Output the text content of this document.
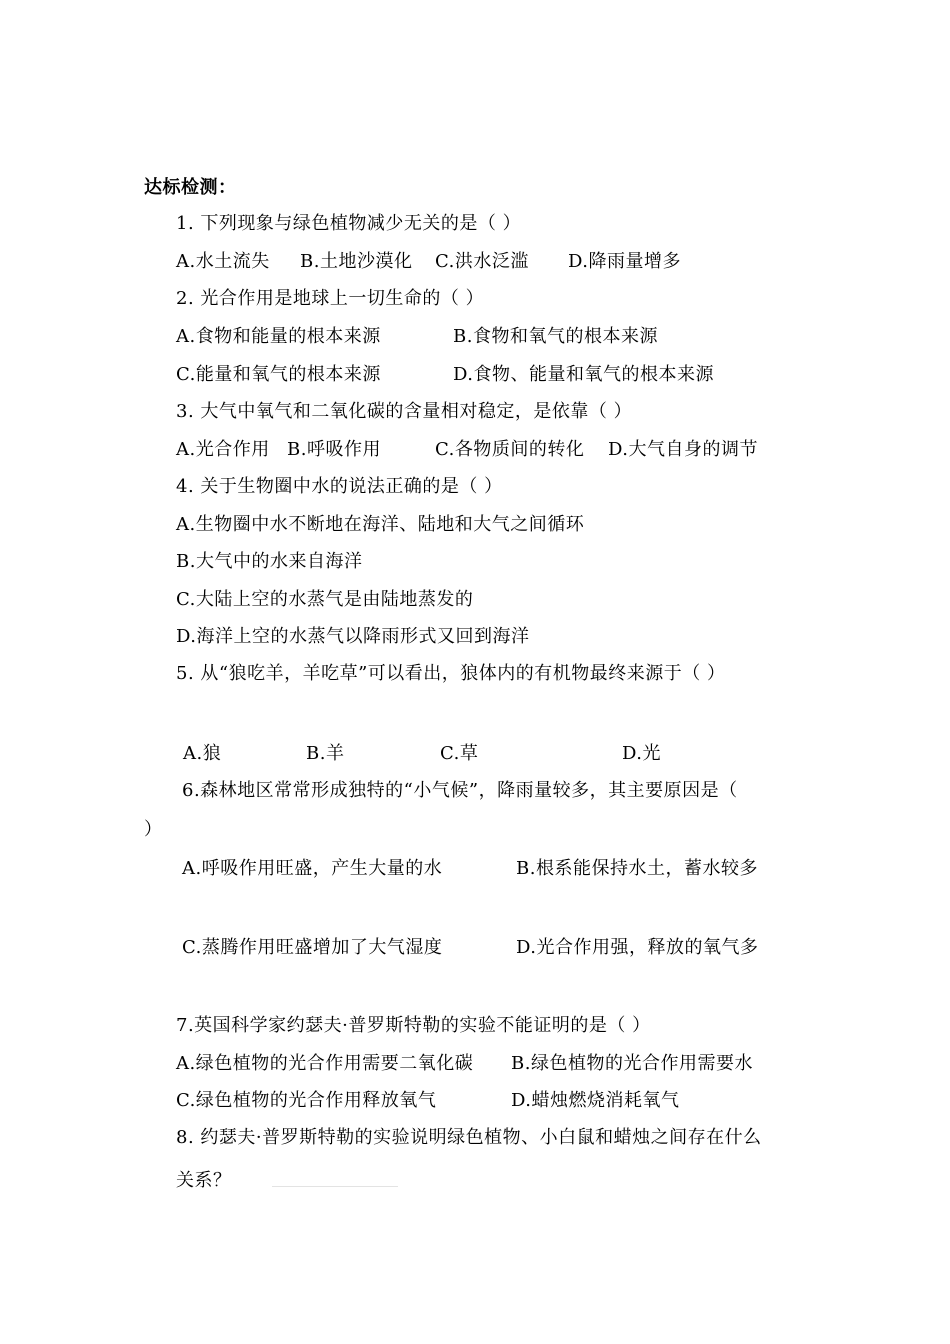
达标检测：
1. 下列现象与绿色植物减少无关的是（ ）
A.水土流失 B.土地沙漠化 C.洪水泛滥 D.降雨量增多
2. 光合作用是地球上一切生命的（ ）
A.食物和能量的根本来源	B.食物和氧气的根本来源
C.能量和氧气的根本来源	D.食物、能量和氧气的根本来源
3. 大气中氧气和二氧化碳的含量相对稳定，是依靠（ ）
A.光合作用 B.呼吸作用	C.各物质间的转化 D.大气自身的调节
4. 关于生物圈中水的说法正确的是（ ）
A.生物圈中水不断地在海洋、陆地和大气之间循环
B.大气中的水来自海洋
C.大陆上空的水蒸气是由陆地蒸发的
D.海洋上空的水蒸气以降雨形式又回到海洋
5. 从“狼吃羊，羊吃草”可以看出，狼体内的有机物最终来源于（ ）
A.狼	B.羊	C.草	D.光
6.森林地区常常形成独特的“小气候”，降雨量较多，其主要原因是（
）
A.呼吸作用旺盛，产生大量的水	B.根系能保持水土，蓄水较多
C.蒸腾作用旺盛增加了大气湿度	D.光合作用强，释放的氧气多
7.英国科学家约瑟夫·普罗斯特勒的实验不能证明的是（ ）
A.绿色植物的光合作用需要二氧化碳 B.绿色植物的光合作用需要水
C.绿色植物的光合作用释放氧气	D.蜡烛燃烧消耗氧气
8. 约瑟夫·普罗斯特勒的实验说明绿色植物、小白鼠和蜡烛之间存在什么
关系？
